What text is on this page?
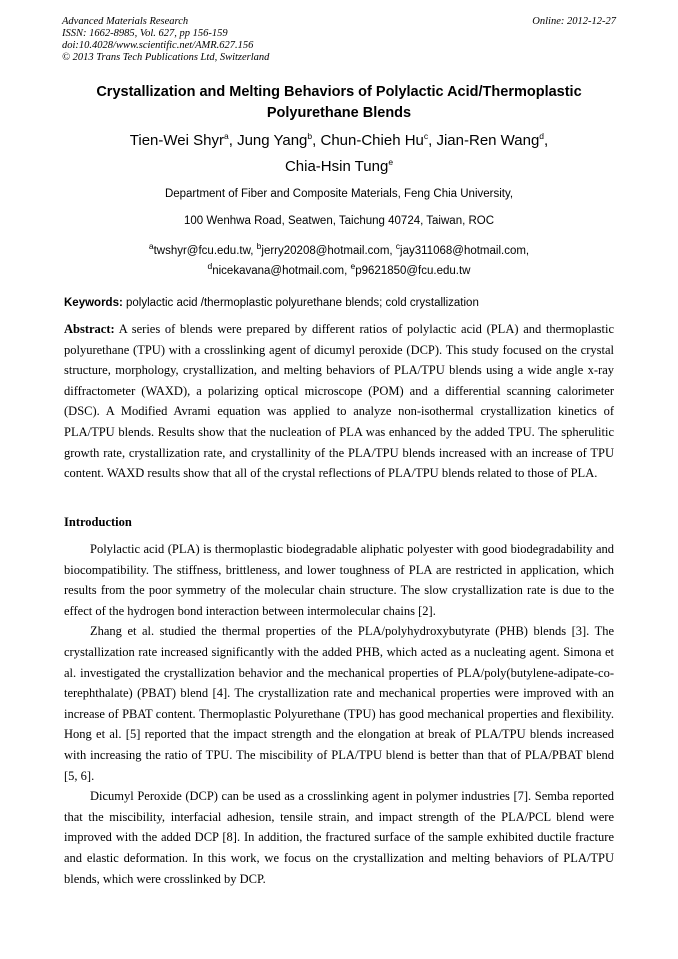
Advanced Materials Research
ISSN: 1662-8985, Vol. 627, pp 156-159
doi:10.4028/www.scientific.net/AMR.627.156
© 2013 Trans Tech Publications Ltd, Switzerland
Online: 2012-12-27
Crystallization and Melting Behaviors of Polylactic Acid/Thermoplastic
Polyurethane Blends
Tien-Wei Shyr$^a$, Jung Yang$^b$, Chun-Chieh Hu$^c$, Jian-Ren Wang$^d$,
Chia-Hsin Tung$^e$
Department of Fiber and Composite Materials, Feng Chia University,
100 Wenhwa Road, Seatwen, Taichung 40724, Taiwan, ROC
$^a$twshyr@fcu.edu.tw, $^b$jerry20208@hotmail.com, $^c$jay311068@hotmail.com,
$^d$nicekavana@hotmail.com, $^e$p9621850@fcu.edu.tw
Keywords: polylactic acid /thermoplastic polyurethane blends; cold crystallization

Abstract: A series of blends were prepared by different ratios of polylactic acid (PLA) and thermoplastic polyurethane (TPU) with a crosslinking agent of dicumyl peroxide (DCP). This study focused on the crystal structure, morphology, crystallization, and melting behaviors of PLA/TPU blends using a wide angle x-ray diffractometer (WAXD), a polarizing optical microscope (POM) and a differential scanning calorimeter (DSC). A Modified Avrami equation was applied to analyze non-isothermal crystallization kinetics of PLA/TPU blends. Results show that the nucleation of PLA was enhanced by the added TPU. The spherulitic growth rate, crystallization rate, and crystallinity of the PLA/TPU blends increased with an increase of TPU content. WAXD results show that all of the crystal reflections of PLA/TPU blends related to those of PLA.

Introduction

Polylactic acid (PLA) is thermoplastic biodegradable aliphatic polyester with good biodegradability and biocompatibility. The stiffness, brittleness, and lower toughness of PLA are restricted in application, which results from the poor symmetry of the molecular chain structure. The slow crystallization rate is due to the effect of the hydrogen bond interaction between intermolecular chains [2].

Zhang et al. studied the thermal properties of the PLA/polyhydroxybutyrate (PHB) blends [3]. The crystallization rate increased significantly with the added PHB, which acted as a nucleating agent. Simona et al. investigated the crystallization behavior and the mechanical properties of PLA/poly(butylene-adipate-co-terephthalate) (PBAT) blend [4]. The crystallization rate and mechanical properties were improved with an increase of PBAT content. Thermoplastic Polyurethane (TPU) has good mechanical properties and flexibility. Hong et al. [5] reported that the impact strength and the elongation at break of PLA/TPU blends increased with increasing the ratio of TPU. The miscibility of PLA/TPU blend is better than that of PLA/PBAT blend [5, 6].

Dicumyl Peroxide (DCP) can be used as a crosslinking agent in polymer industries [7]. Semba reported that the miscibility, interfacial adhesion, tensile strain, and impact strength of the PLA/PCL blend were improved with the added DCP [8]. In addition, the fractured surface of the sample exhibited ductile fracture and elastic deformation. In this work, we focus on the crystallization and melting behaviors of PLA/TPU blends, which were crosslinked by DCP.
